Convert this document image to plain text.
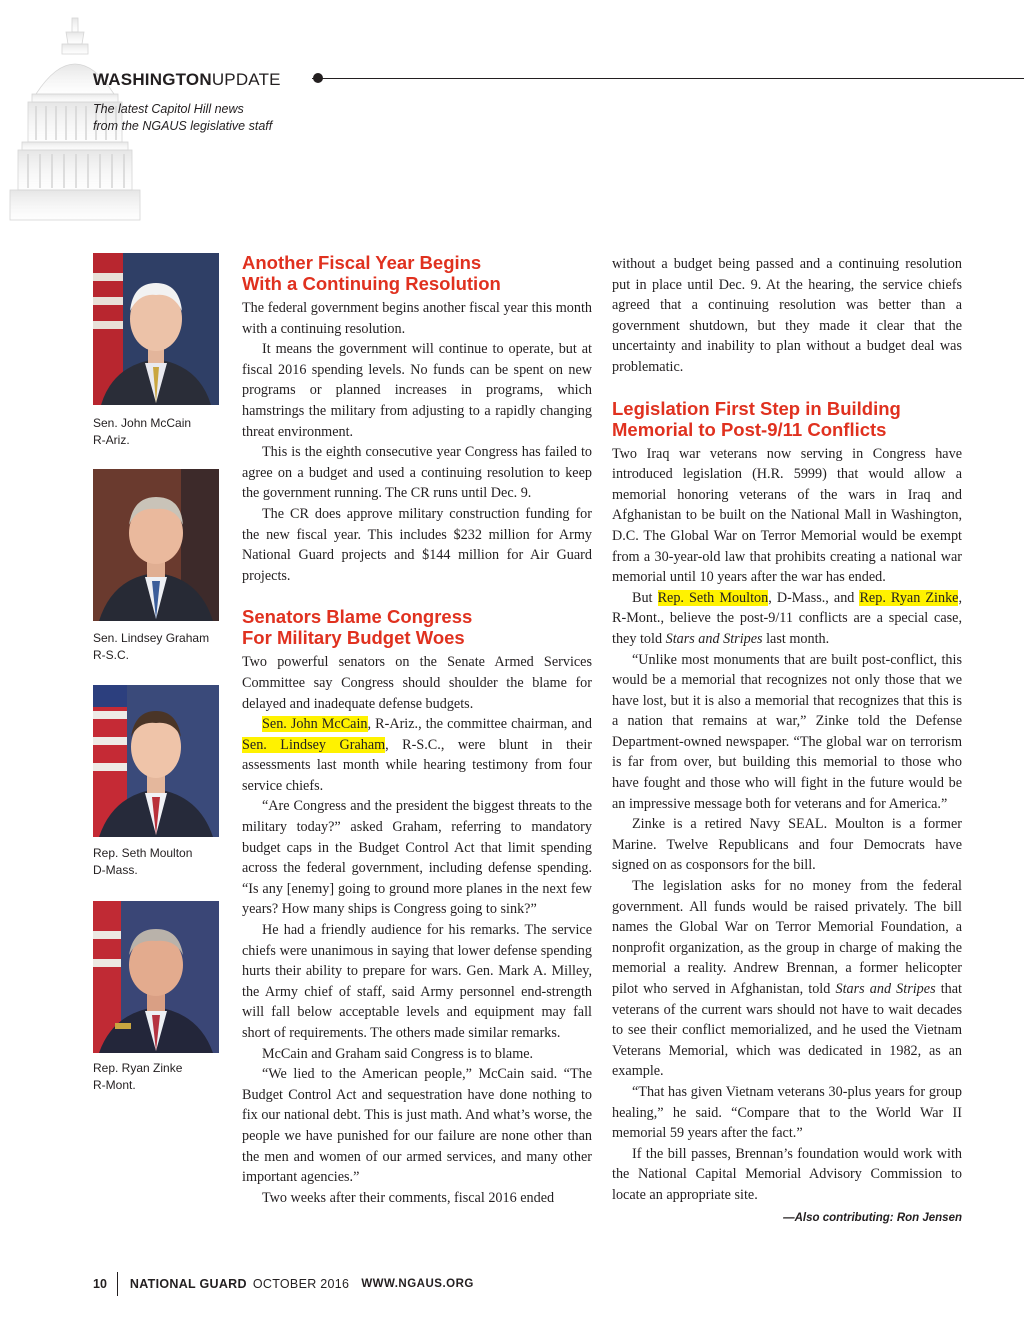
WASHINGTONUPDATE
The latest Capitol Hill news
from the NGAUS legislative staff
Sen. John McCain
R-Ariz.
Sen. Lindsey Graham
R-S.C.
Rep. Seth Moulton
D-Mass.
Rep. Ryan Zinke
R-Mont.
Another Fiscal Year Begins
With a Continuing Resolution

The federal government begins another fiscal year this month with a continuing resolution.

It means the government will continue to operate, but at fiscal 2016 spending levels. No funds can be spent on new programs or planned increases in programs, which hamstrings the military from adjusting to a rapidly changing threat environment.

This is the eighth consecutive year Congress has failed to agree on a budget and used a continuing resolution to keep the government running. The CR runs until Dec. 9.

The CR does approve military construction funding for the new fiscal year. This includes $232 million for Army National Guard projects and $144 million for Air Guard projects.

Senators Blame Congress
For Military Budget Woes

Two powerful senators on the Senate Armed Services Committee say Congress should shoulder the blame for delayed and inadequate defense budgets.

Sen. John McCain, R-Ariz., the committee chairman, and Sen. Lindsey Graham, R-S.C., were blunt in their assessments last month while hearing testimony from four service chiefs.

“Are Congress and the president the biggest threats to the military today?” asked Graham, referring to mandatory budget caps in the Budget Control Act that limit spending across the federal government, including defense spending. “Is any [enemy] going to ground more planes in the next few years? How many ships is Congress going to sink?”

He had a friendly audience for his remarks. The service chiefs were unanimous in saying that lower defense spending hurts their ability to prepare for wars. Gen. Mark A. Milley, the Army chief of staff, said Army personnel end-strength will fall below acceptable levels and equipment may fall short of requirements. The others made similar remarks.

McCain and Graham said Congress is to blame.

“We lied to the American people,” McCain said. “The Budget Control Act and sequestration have done nothing to fix our national debt. This is just math. And what’s worse, the people we have punished for our failure are none other than the men and women of our armed services, and many other important agencies.”

Two weeks after their comments, fiscal 2016 ended

without a budget being passed and a continuing resolution put in place until Dec. 9. At the hearing, the service chiefs agreed that a continuing resolution was better than a government shutdown, but they made it clear that the uncertainty and inability to plan without a budget deal was problematic.

Legislation First Step in Building
Memorial to Post-9/11 Conflicts

Two Iraq war veterans now serving in Congress have introduced legislation (H.R. 5999) that would allow a memorial honoring veterans of the wars in Iraq and Afghanistan to be built on the National Mall in Washington, D.C. The Global War on Terror Memorial would be exempt from a 30-year-old law that prohibits creating a national war memorial until 10 years after the war has ended.

But Rep. Seth Moulton, D-Mass., and Rep. Ryan Zinke, R-Mont., believe the post-9/11 conflicts are a special case, they told Stars and Stripes last month.

“Unlike most monuments that are built post-conflict, this would be a memorial that recognizes not only those that we have lost, but it is also a memorial that recognizes that this is a nation that remains at war,” Zinke told the Defense Department-owned newspaper. “The global war on terrorism is far from over, but building this memorial to those who have fought and those who will fight in the future would be an impressive message both for veterans and for America.”

Zinke is a retired Navy SEAL. Moulton is a former Marine. Twelve Republicans and four Democrats have signed on as cosponsors for the bill.

The legislation asks for no money from the federal government. All funds would be raised privately. The bill names the Global War on Terror Memorial Foundation, a nonprofit organization, as the group in charge of making the memorial a reality. Andrew Brennan, a former helicopter pilot who served in Afghanistan, told Stars and Stripes that veterans of the current wars should not have to wait decades to see their conflict memorialized, and he used the Vietnam Veterans Memorial, which was dedicated in 1982, as an example.

“That has given Vietnam veterans 30-plus years for group healing,” he said. “Compare that to the World War II memorial 59 years after the fact.”

If the bill passes, Brennan’s foundation would work with the National Capital Memorial Advisory Commission to locate an appropriate site.

—Also contributing: Ron Jensen
10 NATIONAL GUARD OCTOBER 2016 WWW.NGAUS.ORG
